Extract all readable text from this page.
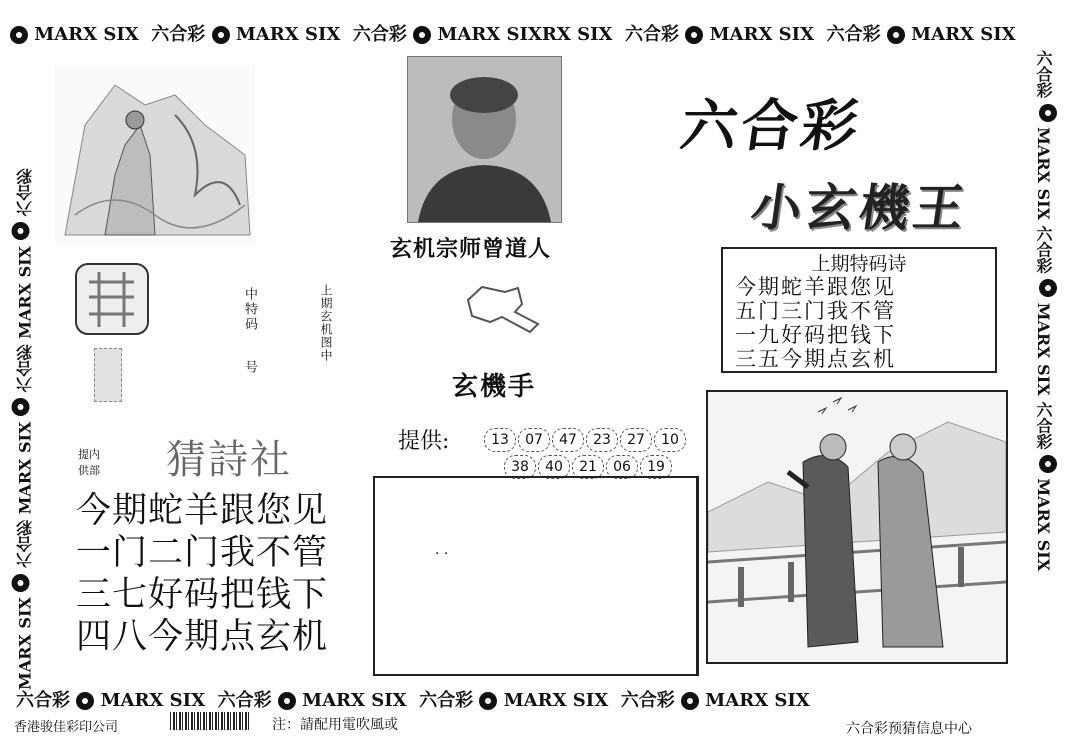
MARX SIX 六合彩 MARX SIX 六合彩 MARX SIXRX SIX 六合彩 MARX SIX 六合彩 MARX SIX
MARX SIX  六合彩 MARX SIX  六合彩 MARX SIX  六合彩
六合彩  MARX SIX 六合彩  MARX SIX 六合彩  MARX SIX
六合彩 MARX SIX 六合彩 MARX SIX 六合彩 MARX SIX 六合彩 MARX SIX
中特码
号
上期玄机图中
玄机宗师曾道人
玄機手
六合彩
小玄機王
上期特码诗
今期蛇羊跟您见
五门三门我不管
一九好码把钱下
三五今期点玄机
提供:	13 07 47 23 27 10
38 40 21 06 19
. .
提内
供部 猜詩社
今期蛇羊跟您见
一门二门我不管
三七好码把钱下
四八今期点玄机
香港骏佳彩印公司	注：請配用電吹風或	六合彩预猜信息中心
